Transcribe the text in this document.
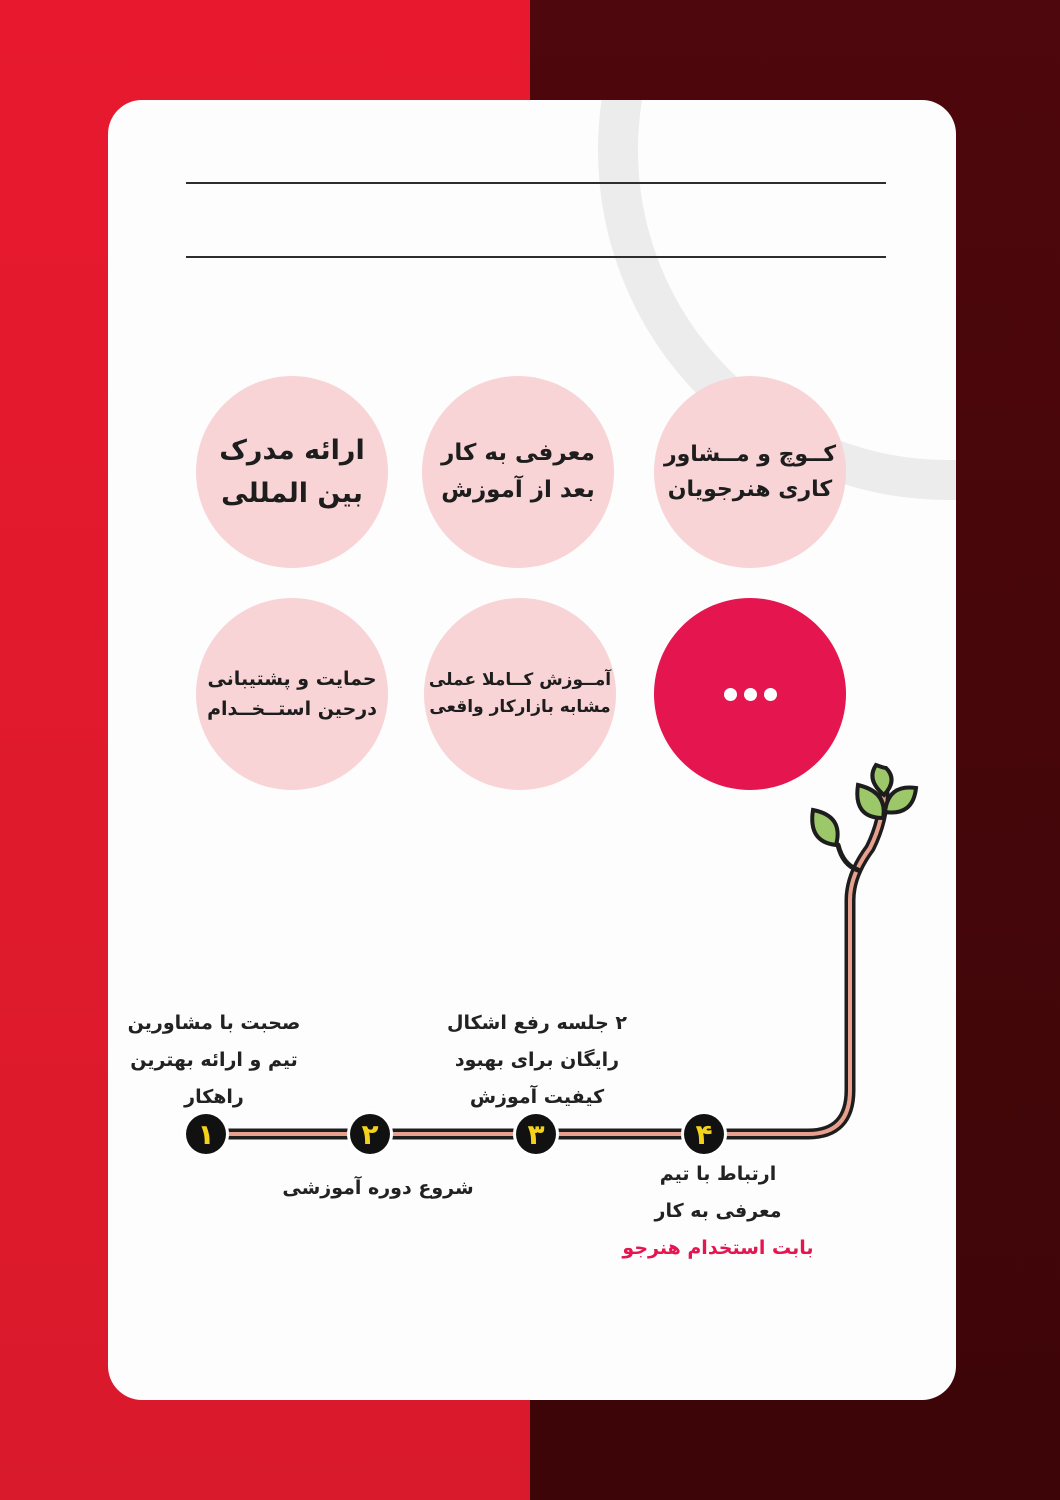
کــوچ و مــشاور
کاری هنرجویان
معرفی به کار
بعد از آموزش
ارائه مدرک
بین المللی
آمــوزش کــاملا عملی
مشابه بازارکار واقعی
حمایت و پشتیبانی
درحین استــخــدام
۱	۲	۳	۴
صحبت با مشاورین
تیم و ارائه بهترین
راهکار
شروع دوره آموزشی
۲ جلسه رفع اشکال
رایگان برای بهبود
کیفیت آموزش
ارتباط با تیم
معرفی به کار
بابت استخدام هنرجو
